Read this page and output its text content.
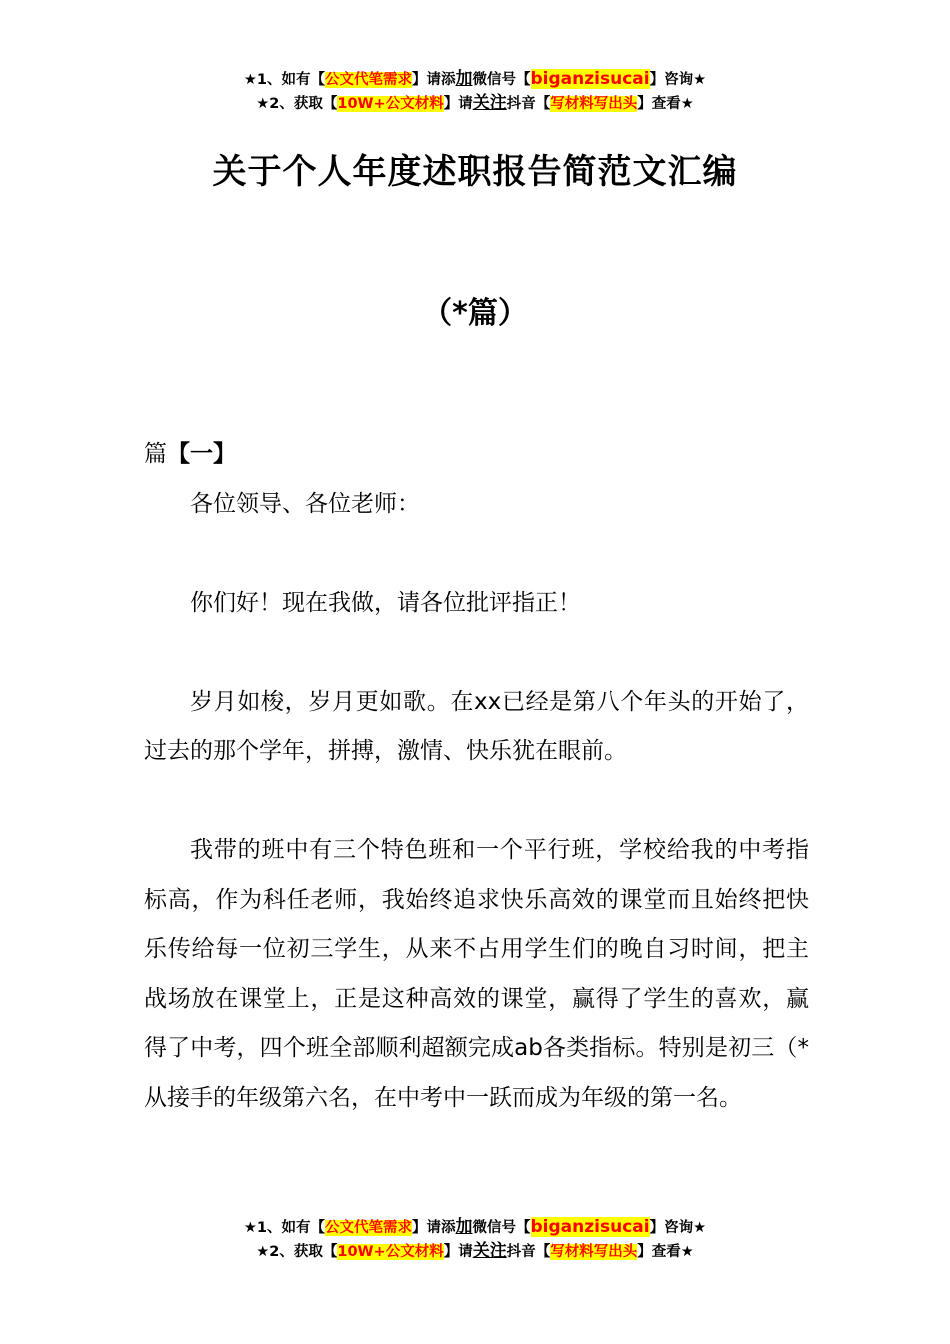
★1、如有【公文代笔需求】请添加微信号【biganzisucai】咨询★
★2、获取【10W+公文材料】请关注抖音【写材料写出头】查看★
关于个人年度述职报告简范文汇编
（*篇）

篇【一】

各位领导、各位老师：

你们好！现在我做，请各位批评指正！

岁月如梭，岁月更如歌。在xx已经是第八个年头的开始了，过去的那个学年，拼搏，激情、快乐犹在眼前。

我带的班中有三个特色班和一个平行班，学校给我的中考指标高，作为科任老师，我始终追求快乐高效的课堂而且始终把快乐传给每一位初三学生，从来不占用学生们的晚自习时间，把主战场放在课堂上，正是这种高效的课堂，赢得了学生的喜欢，赢得了中考，四个班全部顺利超额完成ab各类指标。特别是初三（*从接手的年级第六名，在中考中一跃而成为年级的第一名。

★1、如有【公文代笔需求】请添加微信号【biganzisucai】咨询★
★2、获取【10W+公文材料】请关注抖音【写材料写出头】查看★
